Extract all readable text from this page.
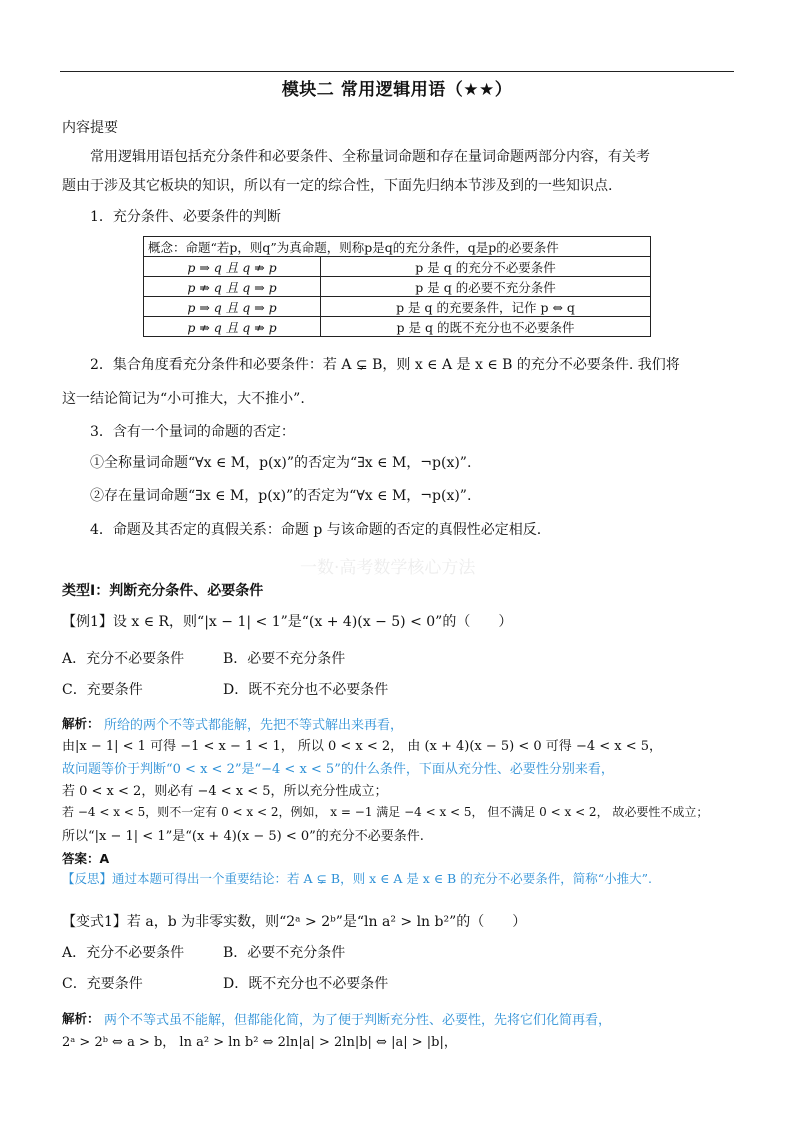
模块二 常用逻辑用语（★★）
内容提要
常用逻辑用语包括充分条件和必要条件、全称量词命题和存在量词命题两部分内容，有关考
题由于涉及其它板块的知识，所以有一定的综合性，下面先归纳本节涉及到的一些知识点.
1．充分条件、必要条件的判断
概念：命题“若p，则q”为真命题，则称p是q的充分条件，q是p的必要条件	
p ⇒ q 且 q ⇏ p	p 是 q 的充分不必要条件
p ⇏ q 且 q ⇒ p	p 是 q 的必要不充分条件
p ⇒ q 且 q ⇒ p	p 是 q 的充要条件，记作 p ⇔ q
p ⇏ q 且 q ⇏ p	p 是 q 的既不充分也不必要条件
2．集合角度看充分条件和必要条件：若 A ⊊ B，则 x ∈ A 是 x ∈ B 的充分不必要条件. 我们将
这一结论简记为“小可推大，大不推小”.
3．含有一个量词的命题的否定：
①全称量词命题“∀x ∈ M，p(x)”的否定为“∃x ∈ M，¬p(x)”.
②存在量词命题“∃x ∈ M，p(x)”的否定为“∀x ∈ M，¬p(x)”.
4．命题及其否定的真假关系：命题 p 与该命题的否定的真假性必定相反.
一数·高考数学核心方法
类型Ⅰ：判断充分条件、必要条件
【例1】设 x ∈ R，则“|x − 1| < 1”是“(x + 4)(x − 5) < 0”的（　　）
A．充分不必要条件	B．必要不充分条件
C．充要条件	D．既不充分也不必要条件
解析： 所给的两个不等式都能解，先把不等式解出来再看，
由|x − 1| < 1 可得 −1 < x − 1 < 1， 所以 0 < x < 2， 由 (x + 4)(x − 5) < 0 可得 −4 < x < 5，
故问题等价于判断“0 < x < 2”是“−4 < x < 5”的什么条件，下面从充分性、必要性分别来看，
若 0 < x < 2，则必有 −4 < x < 5，所以充分性成立；
若 −4 < x < 5，则不一定有 0 < x < 2，例如， x = −1 满足 −4 < x < 5， 但不满足 0 < x < 2， 故必要性不成立；
所以“|x − 1| < 1”是“(x + 4)(x − 5) < 0”的充分不必要条件.
答案：A
【反思】通过本题可得出一个重要结论：若 A ⊊ B，则 x ∈ A 是 x ∈ B 的充分不必要条件，简称“小推大”.
【变式1】若 a，b 为非零实数，则“2ᵃ > 2ᵇ”是“ln a² > ln b²”的（　　）
A．充分不必要条件	B．必要不充分条件
C．充要条件	D．既不充分也不必要条件
解析： 两个不等式虽不能解，但都能化简，为了便于判断充分性、必要性，先将它们化简再看，
2ᵃ > 2ᵇ ⇔ a > b， ln a² > ln b² ⇔ 2ln|a| > 2ln|b| ⇔ |a| > |b|，
